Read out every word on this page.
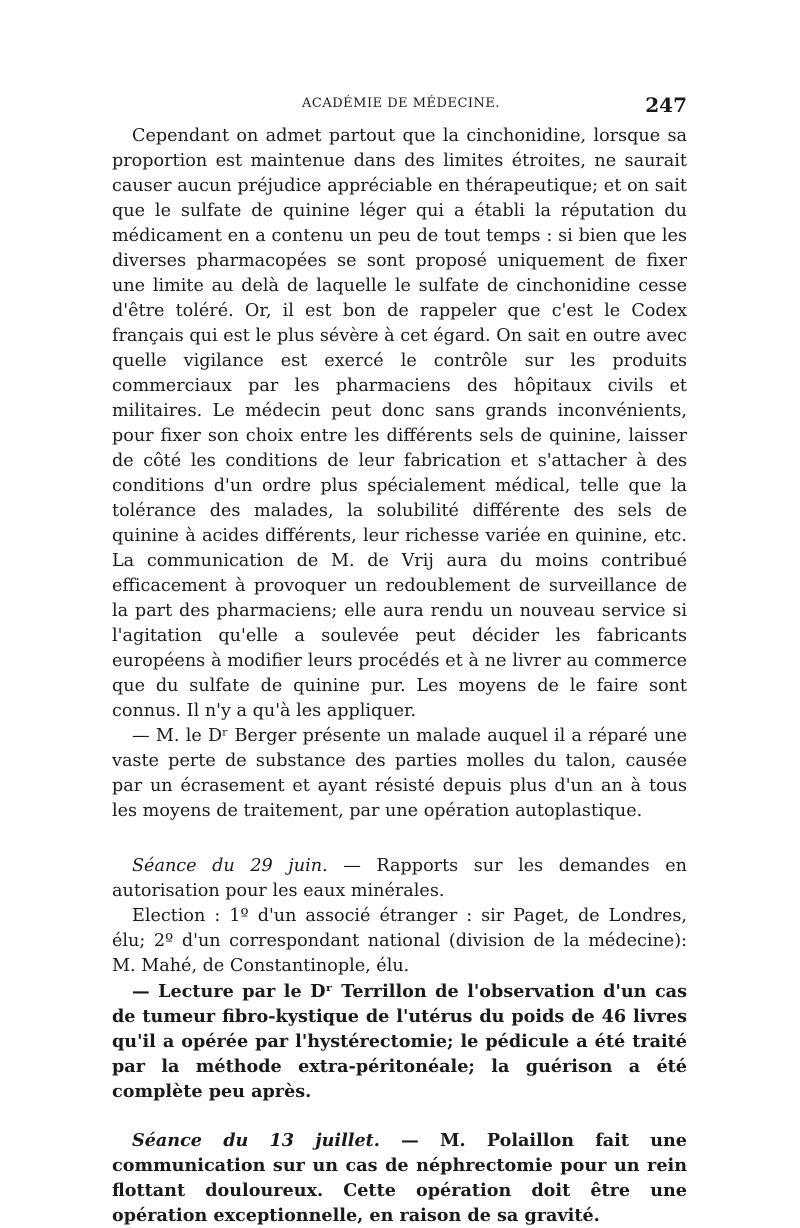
ACADÉMIE DE MÉDECINE.	247

Cependant on admet partout que la cinchonidine, lorsque sa proportion est maintenue dans des limites étroites, ne saurait causer aucun préjudice appréciable en thérapeutique; et on sait que le sulfate de quinine léger qui a établi la réputation du médicament en a contenu un peu de tout temps : si bien que les diverses pharmacopées se sont proposé uniquement de fixer une limite au delà de laquelle le sulfate de cinchonidine cesse d'être toléré. Or, il est bon de rappeler que c'est le Codex français qui est le plus sévère à cet égard. On sait en outre avec quelle vigilance est exercé le contrôle sur les produits commerciaux par les pharmaciens des hôpitaux civils et militaires. Le médecin peut donc sans grands inconvénients, pour fixer son choix entre les différents sels de quinine, laisser de côté les conditions de leur fabrication et s'attacher à des conditions d'un ordre plus spécialement médical, telle que la tolérance des malades, la solubilité différente des sels de quinine à acides différents, leur richesse variée en quinine, etc. La communication de M. de Vrij aura du moins contribué efficacement à provoquer un redoublement de surveillance de la part des pharmaciens; elle aura rendu un nouveau service si l'agitation qu'elle a soulevée peut décider les fabricants européens à modifier leurs procédés et à ne livrer au commerce que du sulfate de quinine pur. Les moyens de le faire sont connus. Il n'y a qu'à les appliquer.

— M. le Dʳ Berger présente un malade auquel il a réparé une vaste perte de substance des parties molles du talon, causée par un écrasement et ayant résisté depuis plus d'un an à tous les moyens de traitement, par une opération autoplastique.

Séance du 29 juin. — Rapports sur les demandes en autorisation pour les eaux minérales.

Election : 1º d'un associé étranger : sir Paget, de Londres, élu; 2º d'un correspondant national (division de la médecine): M. Mahé, de Constantinople, élu.

— Lecture par le Dʳ Terrillon de l'observation d'un cas de tumeur fibro-kystique de l'utérus du poids de 46 livres qu'il a opérée par l'hystérectomie; le pédicule a été traité par la méthode extra-péritonéale; la guérison a été complète peu après.

Séance du 13 juillet. — M. Polaillon fait une communication sur un cas de néphrectomie pour un rein flottant douloureux. Cette opération doit être une opération exceptionnelle, en raison de sa gravité.
